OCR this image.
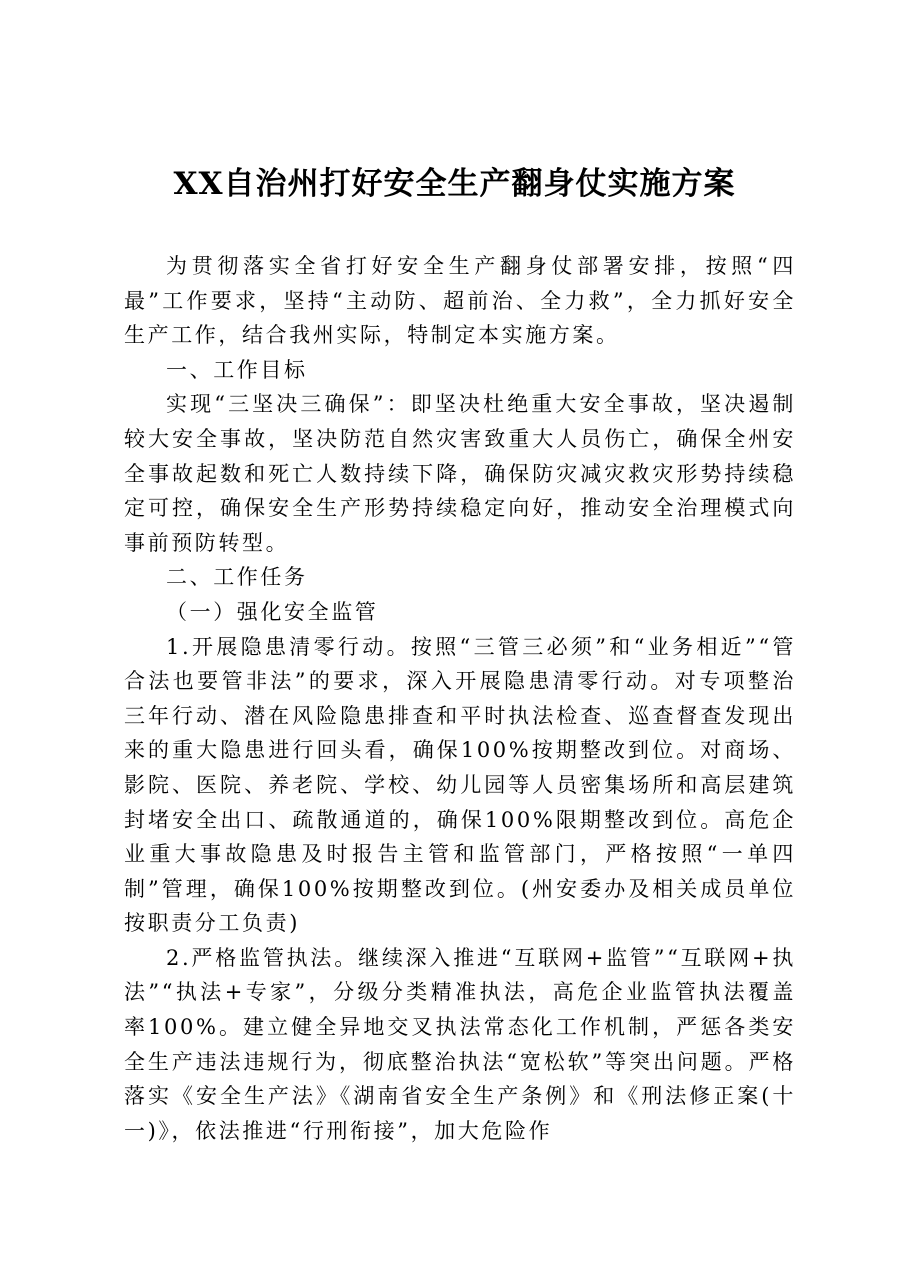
XX自治州打好安全生产翻身仗实施方案

为贯彻落实全省打好安全生产翻身仗部署安排，按照“四最”工作要求，坚持“主动防、超前治、全力救”，全力抓好安全生产工作，结合我州实际，特制定本实施方案。

一、工作目标

实现“三坚决三确保”：即坚决杜绝重大安全事故，坚决遏制较大安全事故，坚决防范自然灾害致重大人员伤亡，确保全州安全事故起数和死亡人数持续下降，确保防灾减灾救灾形势持续稳定可控，确保安全生产形势持续稳定向好，推动安全治理模式向事前预防转型。

二、工作任务

（一）强化安全监管

1.开展隐患清零行动。按照“三管三必须”和“业务相近”“管合法也要管非法”的要求，深入开展隐患清零行动。对专项整治三年行动、潜在风险隐患排查和平时执法检查、巡查督查发现出来的重大隐患进行回头看，确保100%按期整改到位。对商场、影院、医院、养老院、学校、幼儿园等人员密集场所和高层建筑封堵安全出口、疏散通道的，确保100%限期整改到位。高危企业重大事故隐患及时报告主管和监管部门，严格按照“一单四制”管理，确保100%按期整改到位。(州安委办及相关成员单位按职责分工负责)

2.严格监管执法。继续深入推进“互联网+监管”“互联网+执法”“执法+专家”，分级分类精准执法，高危企业监管执法覆盖率100%。建立健全异地交叉执法常态化工作机制，严惩各类安全生产违法违规行为，彻底整治执法“宽松软”等突出问题。严格落实《安全生产法》《湖南省安全生产条例》和《刑法修正案(十一)》，依法推进“行刑衔接”，加大危险作
